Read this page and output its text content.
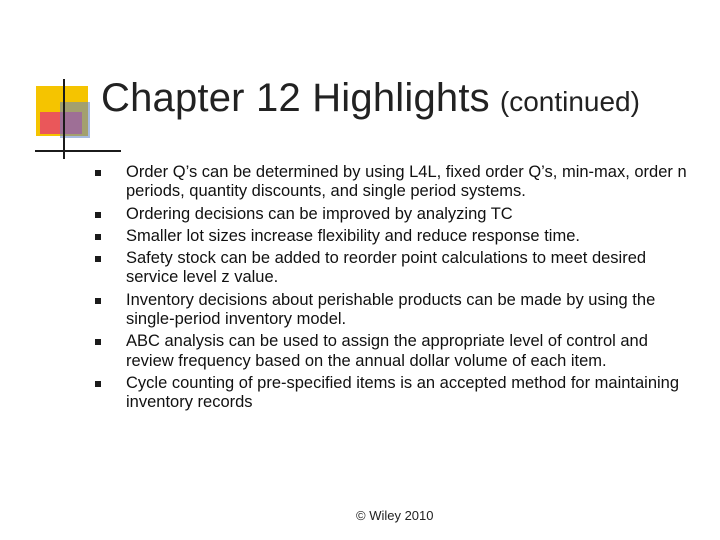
Chapter 12 Highlights (continued)
Order Q’s can be determined by using L4L, fixed order Q’s, min-max, order n periods, quantity discounts, and single period systems.
Ordering decisions can be improved by analyzing TC
Smaller lot sizes increase flexibility and reduce response time.
Safety stock can be added to reorder point calculations to meet desired service level z value.
Inventory decisions about perishable products can be made by using the single-period inventory model.
ABC analysis can be used to assign the appropriate level of control and review frequency based on the annual dollar volume of each item.
Cycle counting of pre-specified items is an accepted method for maintaining inventory records
© Wiley 2010
